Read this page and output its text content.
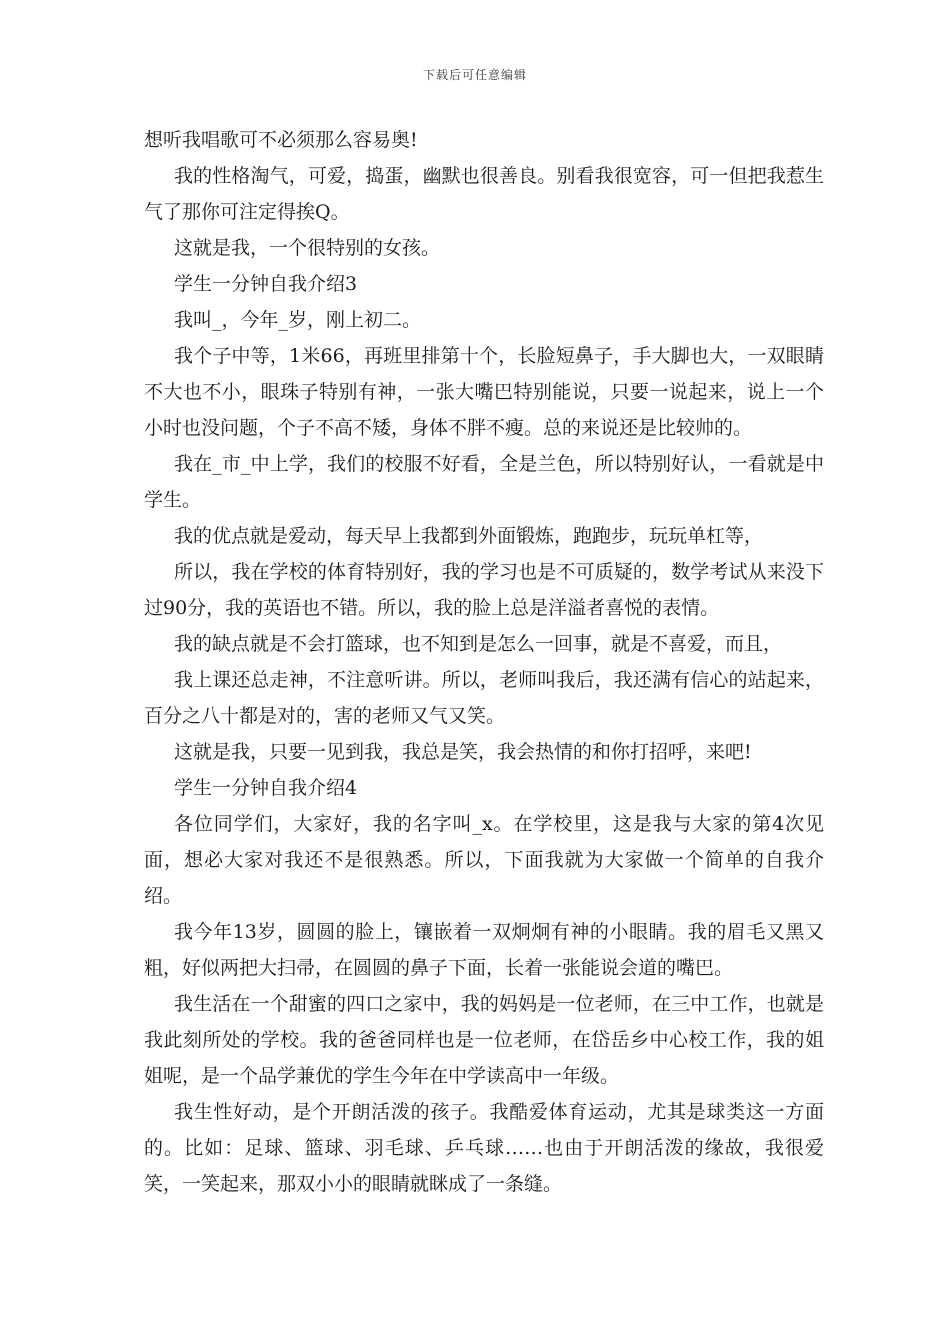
下载后可任意编辑

想听我唱歌可不必须那么容易奥!

我的性格淘气，可爱，捣蛋，幽默也很善良。别看我很宽容，可一但把我惹生气了那你可注定得挨Q。

这就是我，一个很特别的女孩。

学生一分钟自我介绍3

我叫_，今年_岁，刚上初二。

我个子中等，1米66，再班里排第十个，长脸短鼻子，手大脚也大，一双眼睛不大也不小，眼珠子特别有神，一张大嘴巴特别能说，只要一说起来，说上一个小时也没问题，个子不高不矮，身体不胖不瘦。总的来说还是比较帅的。

我在_市_中上学，我们的校服不好看，全是兰色，所以特别好认，一看就是中学生。

我的优点就是爱动，每天早上我都到外面锻炼，跑跑步，玩玩单杠等，

所以，我在学校的体育特别好，我的学习也是不可质疑的，数学考试从来没下过90分，我的英语也不错。所以，我的脸上总是洋溢者喜悦的表情。

我的缺点就是不会打篮球，也不知到是怎么一回事，就是不喜爱，而且，

我上课还总走神，不注意听讲。所以，老师叫我后，我还满有信心的站起来，百分之八十都是对的，害的老师又气又笑。

这就是我，只要一见到我，我总是笑，我会热情的和你打招呼，来吧!

学生一分钟自我介绍4

各位同学们，大家好，我的名字叫_x。在学校里，这是我与大家的第4次见面，想必大家对我还不是很熟悉。所以，下面我就为大家做一个简单的自我介绍。

我今年13岁，圆圆的脸上，镶嵌着一双炯炯有神的小眼睛。我的眉毛又黑又粗，好似两把大扫帚，在圆圆的鼻子下面，长着一张能说会道的嘴巴。

我生活在一个甜蜜的四口之家中，我的妈妈是一位老师，在三中工作，也就是我此刻所处的学校。我的爸爸同样也是一位老师，在岱岳乡中心校工作，我的姐姐呢，是一个品学兼优的学生今年在中学读高中一年级。

我生性好动，是个开朗活泼的孩子。我酷爱体育运动，尤其是球类这一方面的。比如：足球、篮球、羽毛球、乒乓球……也由于开朗活泼的缘故，我很爱笑，一笑起来，那双小小的眼睛就眯成了一条缝。
